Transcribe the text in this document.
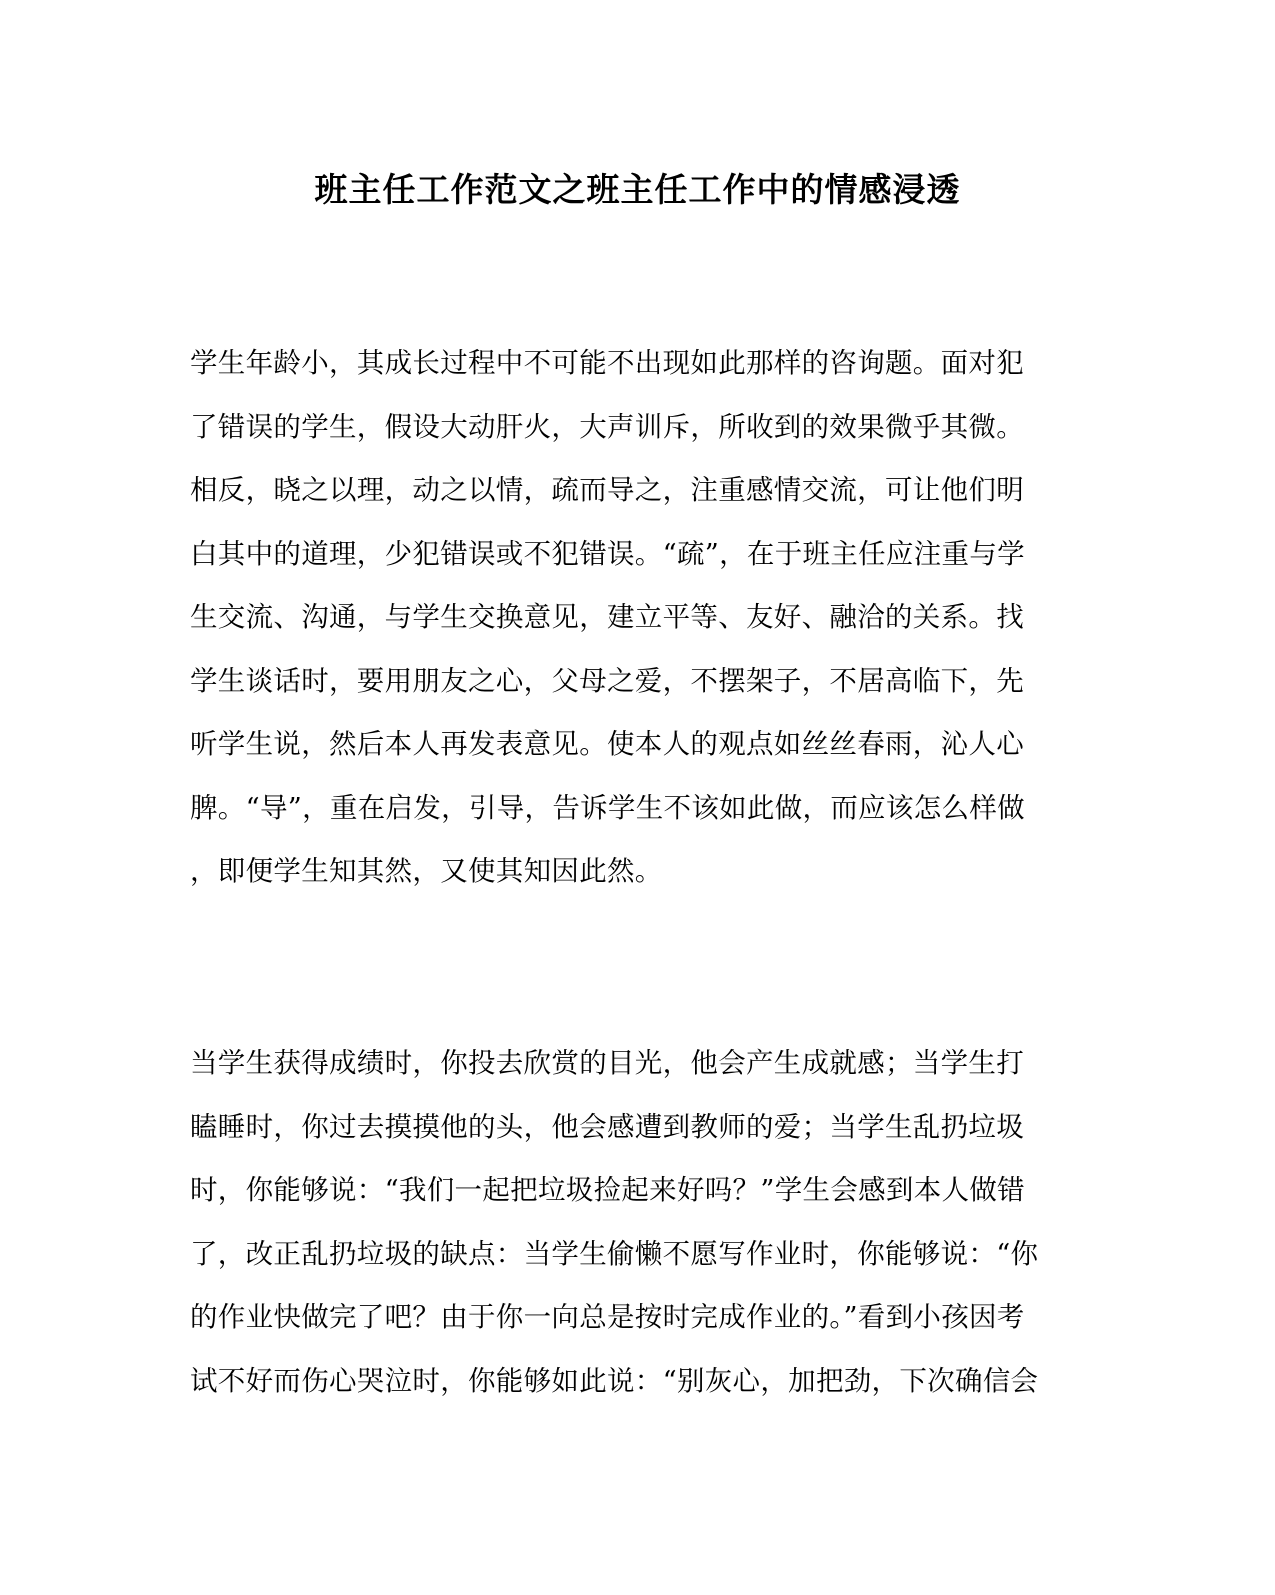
班主任工作范文之班主任工作中的情感浸透
学生年龄小，其成长过程中不可能不出现如此那样的咨询题。面对犯
了错误的学生，假设大动肝火，大声训斥，所收到的效果微乎其微。
相反，晓之以理，动之以情，疏而导之，注重感情交流，可让他们明
白其中的道理，少犯错误或不犯错误。“疏”，在于班主任应注重与学
生交流、沟通，与学生交换意见，建立平等、友好、融洽的关系。找
学生谈话时，要用朋友之心，父母之爱，不摆架子，不居高临下，先
听学生说，然后本人再发表意见。使本人的观点如丝丝春雨，沁人心
脾。“导”，重在启发，引导，告诉学生不该如此做，而应该怎么样做
，即便学生知其然，又使其知因此然。
当学生获得成绩时，你投去欣赏的目光，他会产生成就感；当学生打
瞌睡时，你过去摸摸他的头，他会感遭到教师的爱；当学生乱扔垃圾
时，你能够说：“我们一起把垃圾捡起来好吗？”学生会感到本人做错
了，改正乱扔垃圾的缺点：当学生偷懒不愿写作业时，你能够说：“你
的作业快做完了吧？由于你一向总是按时完成作业的。”看到小孩因考
试不好而伤心哭泣时，你能够如此说：“别灰心，加把劲，下次确信会
